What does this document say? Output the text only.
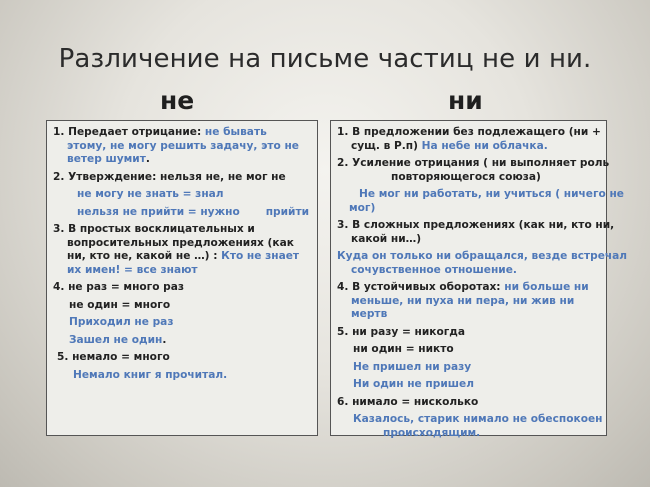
Различение на письме частиц не и ни.
не	ни
1. Передает отрицание: не бывать
этому, не могу решить задачу, это не
ветер шумит.
2. Утверждение: нельзя не, не мог не
не могу не знать = знал
нельзя не прийти = нужно прийти
3. В простых восклицательных и
вопросительных предложениях (как
ни, кто не, какой не …) : Кто не знает
их имен! = все знают
4. не раз = много раз
не один = много
Приходил не раз
Зашел не один.
5. немало = много
Немало книг я прочитал.
1. В предложении без подлежащего (ни +
сущ. в Р.п) На небе ни облачка.
2. Усиление отрицания ( ни выполняет роль
повторяющегося союза)
Не мог ни работать, ни учиться ( ничего не
мог)
3. В сложных предложениях (как ни, кто ни,
какой ни…)
Куда он только ни обращался, везде встречал
сочувственное отношение.
4. В устойчивых оборотах: ни больше ни
меньше, ни пуха ни пера, ни жив ни
мертв
5. ни разу = никогда
ни один = никто
Не пришел ни разу
Ни один не пришел
6. нимало = нисколько
Казалось, старик нимало не обеспокоен
происходящим.
